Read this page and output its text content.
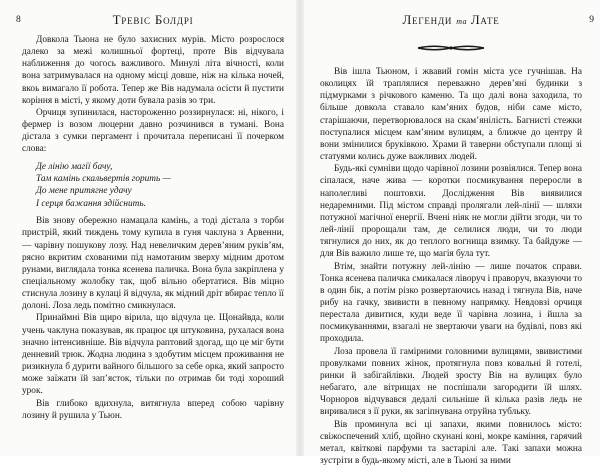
8	Тревіс Болдрі

Довкола Тьюна не було захисних мурів. Місто розрослося далеко за межі колишньої фортеці, проте Вів відчувала наближення до чогось важливого. Минулі літа вічності, коли вона затримувалася на одному місці довше, ніж на кілька ночей, вкоь вимагало її робота. Тепер же Вів надумала осісти й пустити коріння в місті, у якому доти бувала разів зо три.

Орчиця зупинилася, настороженно роззирнулася: ні, нікого, і фермер із возом люцерни давно розчинився в тумані. Вона дістала з сумки пергамент і прочитала переписані її почерком слова:

Де лінію магії бачу,
Там камінь скальвертів горить —
До мене притягне удачу
І серця бажання здійснить.

Вів знову обережно намацала камінь, а тоді дістала з торби пристрій, який тиждень тому купила в гуня чаклуна з Арвенни, — чарівну пошукову лозу. Над невеличким дерев’яним руків’ям, рясно вкритим схованими під намотаним зверху мідним дротом рунами, виглядала тонка ясенева паличка. Вона була закріплена у спеціальному жолобку так, щоб вільно обертатися. Вів міцно стиснула лозину в кулаці й відчула, як мідний дріт вбирає тепло її долоні. Лоза ледь помітно смикнулася.

Принаймні Вів щиро вірила, що відчула це. Щонайвда, коли учень чаклуна показував, як працює ця штуковина, рухалася вона значно інтенсивніше. Вів відчула раптовий здогад, що це міг бути денневий трюк. Жодна людина з здобутим місцем проживання не ризикнула б дурити вайного більшого за себе орка, який запросто може заїжати їй зап’ясток, тільки по отримав би тоді хороший урок.

Вів глибоко вдихнула, витягнула вперед собою чарівну лозину й рушила у Тьюн.

Легенди та Лате	9

Вів ішла Тьюном, і жвавий гомін міста усе гучнішав. На околицях їй траплялися переважно дерев’яні будинки з підмурками з річкового каменю. Та що далі вона заходила, то більше довкола ставало кам’яних будов, ніби саме місто, старішаючи, перетворювалося на скам’янілість. Багнисті стежки поступалися місцем кам’яним вулицям, а ближче до центру й вони змінилися бруківкою. Храми й таверни обступали площі зі статуями колись дуже важливих людей.

Будь-які сумніви щодо чарівної лозини розвіялися. Тепер вона сіпалася, наче жива — коротки посмикування переросли в наполегливі поштовхи. Дослідження Вів виявилися недаремними. Під містом справді пролягали лей-лінії — шляхи потужної магічної енергії. Вчені ніяк не могли дійти згоди, чи то лей-лінії пророщали там, де селилися люди, чи то люди тягнулися до них, як до теплого вогнища взимку. Та байдуже — для Вів важило лише те, що магія була тут.

Втім, знайти потужну лей-лінію — лише початок справи. Тонка ясенева паличка смикалася ліворуч і праворуч, вказуючи то в один бік, а потім різко розвертаючись назад і тягнула Вів, наче рибу на гачку, звивисти в певному напрямку. Невдовзі орчиця перестала дивитися, куди веде її чарівна лозина, і йшла за посмикуваннями, взагалі не звертаючи уваги на будівлі, повз які проходила.

Лоза провела її гамірними головними вулицями, звивистими провулками повних жінок, протягнула повз ковальні й готелі, ринки й забігайлівки. Людей зросту Вів на вулицях було небагато, але вітрищах не поспішали загородити їй шлях. Чорноров відчувався дедалі сильніше й кілька разів ледь не виривалися з її руки, як загіпнувана отруйна тубльку.

Вів проминула всі ці запахи, якими повнилось місто: свіжоспечений хліб, щойно скунані коні, мокре каміння, гарячий метал, квіткові парфуми та застарілі але. Такі запахи можна зустріти в будь-якому місті, але в Тьюні за ними
